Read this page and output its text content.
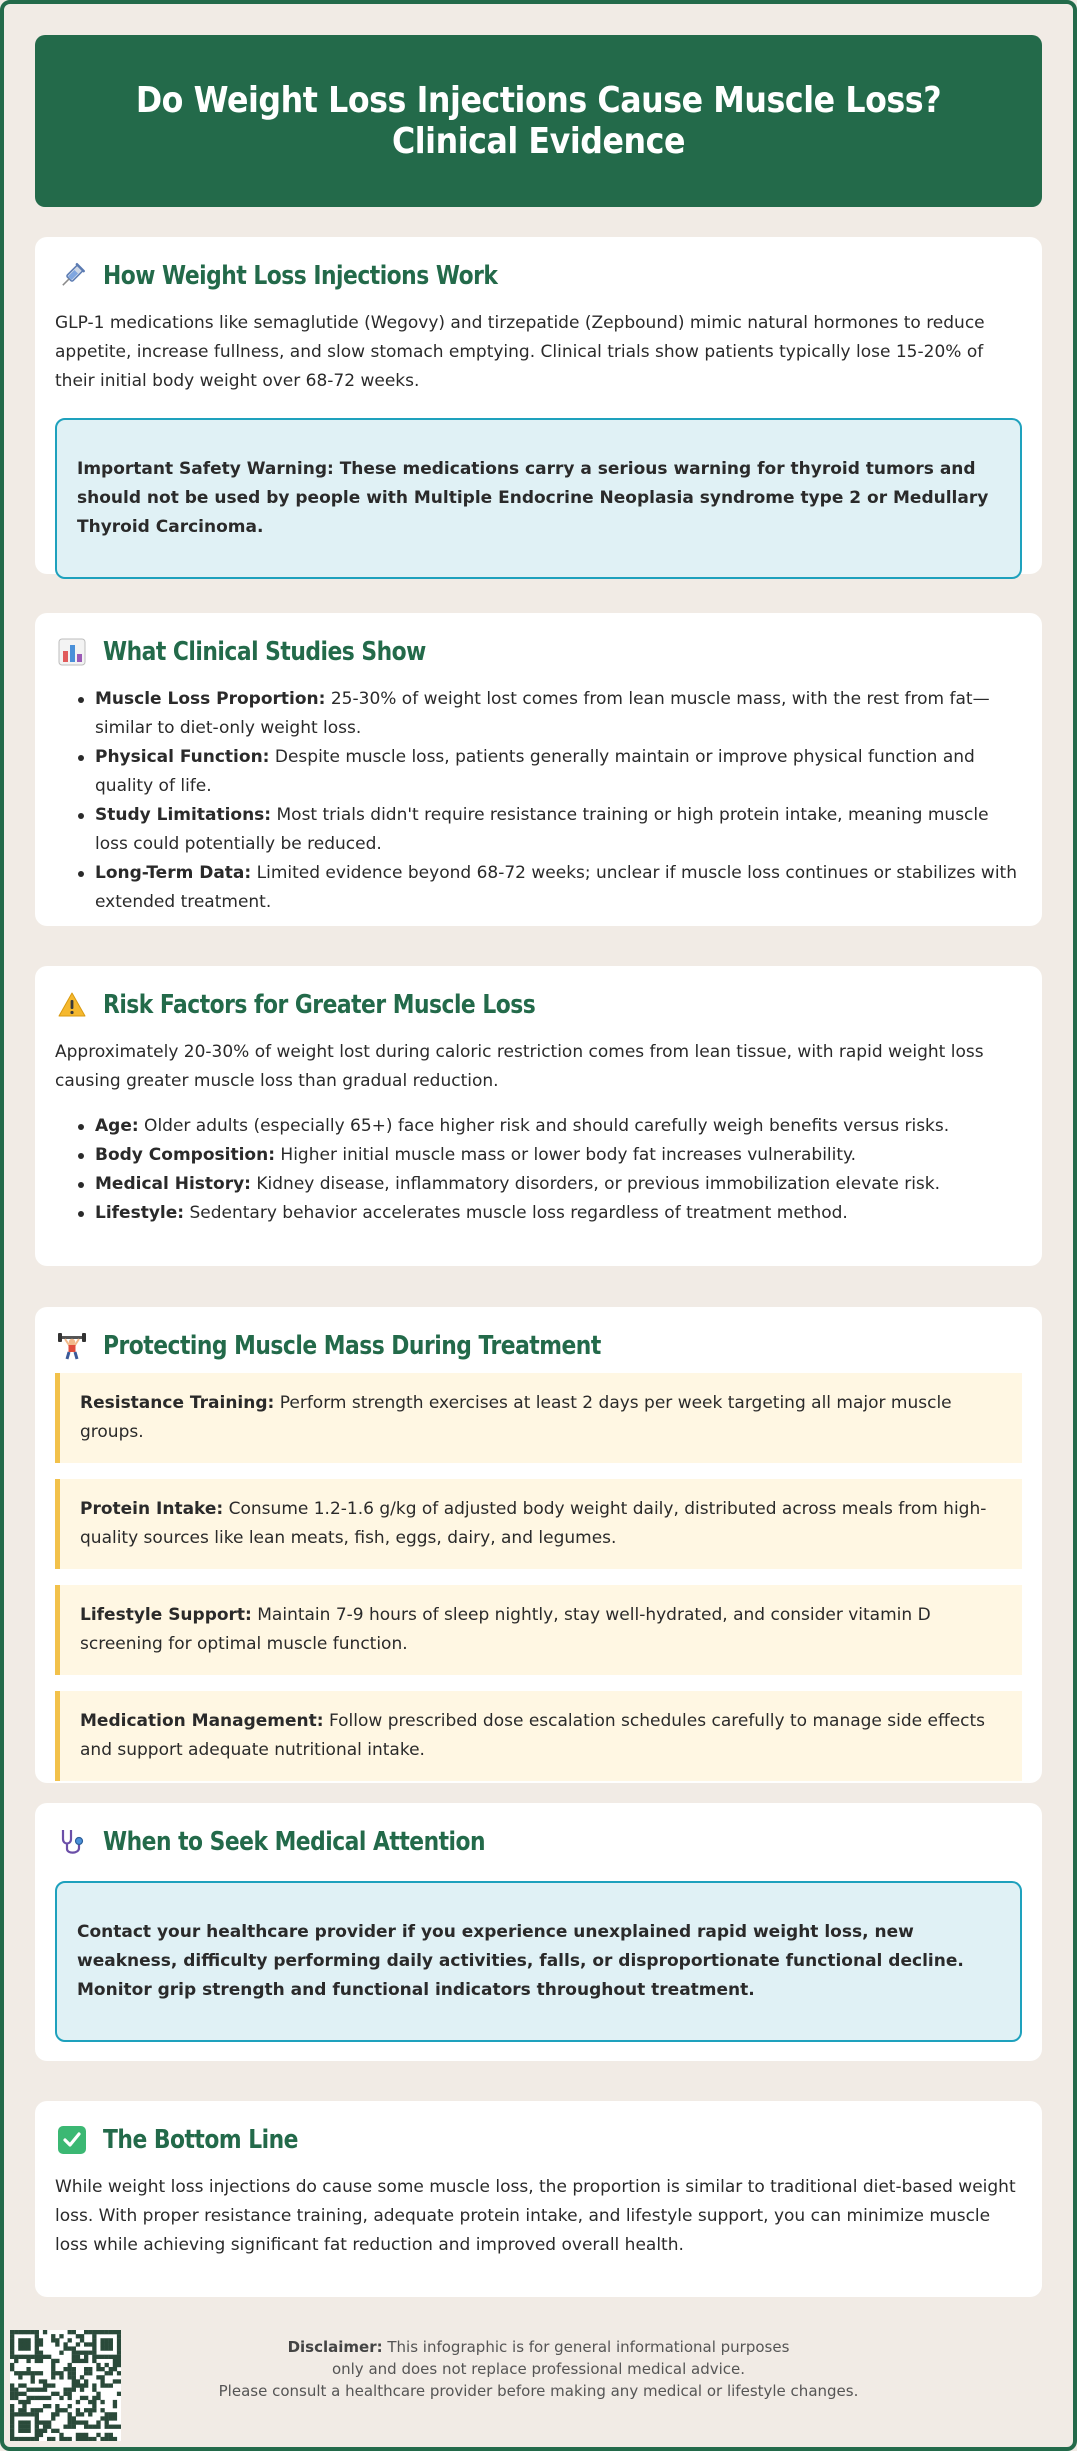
Do Weight Loss Injections Cause Muscle Loss? Clinical Evidence
How Weight Loss Injections Work

GLP-1 medications like semaglutide (Wegovy) and tirzepatide (Zepbound) mimic natural hormones to reduce appetite, increase fullness, and slow stomach emptying. Clinical trials show patients typically lose 15-20% of their initial body weight over 68-72 weeks.

Important Safety Warning: These medications carry a serious warning for thyroid tumors and should not be used by people with Multiple Endocrine Neoplasia syndrome type 2 or Medullary Thyroid Carcinoma.
What Clinical Studies Show
Muscle Loss Proportion: 25-30% of weight lost comes from lean muscle mass, with the rest from fat—similar to diet-only weight loss.
Physical Function: Despite muscle loss, patients generally maintain or improve physical function and quality of life.
Study Limitations: Most trials didn't require resistance training or high protein intake, meaning muscle loss could potentially be reduced.
Long-Term Data: Limited evidence beyond 68-72 weeks; unclear if muscle loss continues or stabilizes with extended treatment.
Risk Factors for Greater Muscle Loss

Approximately 20-30% of weight lost during caloric restriction comes from lean tissue, with rapid weight loss causing greater muscle loss than gradual reduction.

Age: Older adults (especially 65+) face higher risk and should carefully weigh benefits versus risks.
Body Composition: Higher initial muscle mass or lower body fat increases vulnerability.
Medical History: Kidney disease, inflammatory disorders, or previous immobilization elevate risk.
Lifestyle: Sedentary behavior accelerates muscle loss regardless of treatment method.
Protecting Muscle Mass During Treatment
Resistance Training: Perform strength exercises at least 2 days per week targeting all major muscle groups.
Protein Intake: Consume 1.2-1.6 g/kg of adjusted body weight daily, distributed across meals from high-quality sources like lean meats, fish, eggs, dairy, and legumes.
Lifestyle Support: Maintain 7-9 hours of sleep nightly, stay well-hydrated, and consider vitamin D screening for optimal muscle function.
Medication Management: Follow prescribed dose escalation schedules carefully to manage side effects and support adequate nutritional intake.
When to Seek Medical Attention
Contact your healthcare provider if you experience unexplained rapid weight loss, new weakness, difficulty performing daily activities, falls, or disproportionate functional decline. Monitor grip strength and functional indicators throughout treatment.
The Bottom Line

While weight loss injections do cause some muscle loss, the proportion is similar to traditional diet-based weight loss. With proper resistance training, adequate protein intake, and lifestyle support, you can minimize muscle loss while achieving significant fat reduction and improved overall health.

Disclaimer: This infographic is for general informational purposes
only and does not replace professional medical advice.
Please consult a healthcare provider before making any medical or lifestyle changes.
